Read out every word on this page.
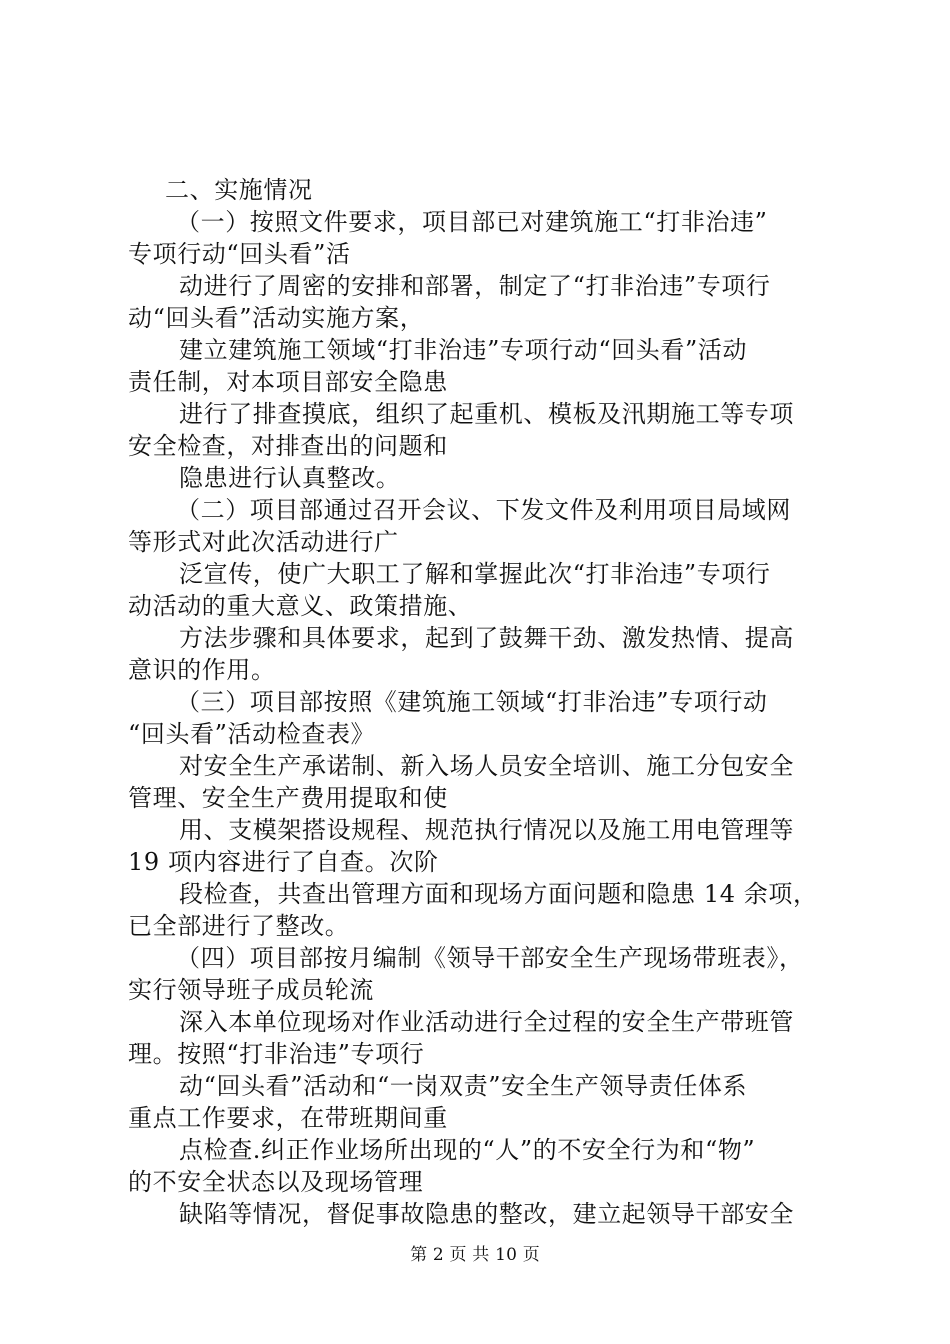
二、实施情况
（一）按照文件要求，项目部已对建筑施工“打非治违”
专项行动“回头看”活
动进行了周密的安排和部署，制定了“打非治违”专项行
动“回头看”活动实施方案，
建立建筑施工领域“打非治违”专项行动“回头看”活动
责任制，对本项目部安全隐患
进行了排查摸底，组织了起重机、模板及汛期施工等专项
安全检查，对排查出的问题和
隐患进行认真整改。
（二）项目部通过召开会议、下发文件及利用项目局域网
等形式对此次活动进行广
泛宣传，使广大职工了解和掌握此次“打非治违”专项行
动活动的重大意义、政策措施、
方法步骤和具体要求，起到了鼓舞干劲、激发热情、提高
意识的作用。
（三）项目部按照《建筑施工领域“打非治违”专项行动
“回头看”活动检查表》
对安全生产承诺制、新入场人员安全培训、施工分包安全
管理、安全生产费用提取和使
用、支模架搭设规程、规范执行情况以及施工用电管理等
19 项内容进行了自查。次阶
段检查，共查出管理方面和现场方面问题和隐患 14 余项，
已全部进行了整改。
（四）项目部按月编制《领导干部安全生产现场带班表》，
实行领导班子成员轮流
深入本单位现场对作业活动进行全过程的安全生产带班管
理。按照“打非治违”专项行
动“回头看”活动和“一岗双责”安全生产领导责任体系
重点工作要求，在带班期间重
点检查.纠正作业场所出现的“人”的不安全行为和“物”
的不安全状态以及现场管理
缺陷等情况，督促事故隐患的整改，建立起领导干部安全
第 2 页 共 10 页
